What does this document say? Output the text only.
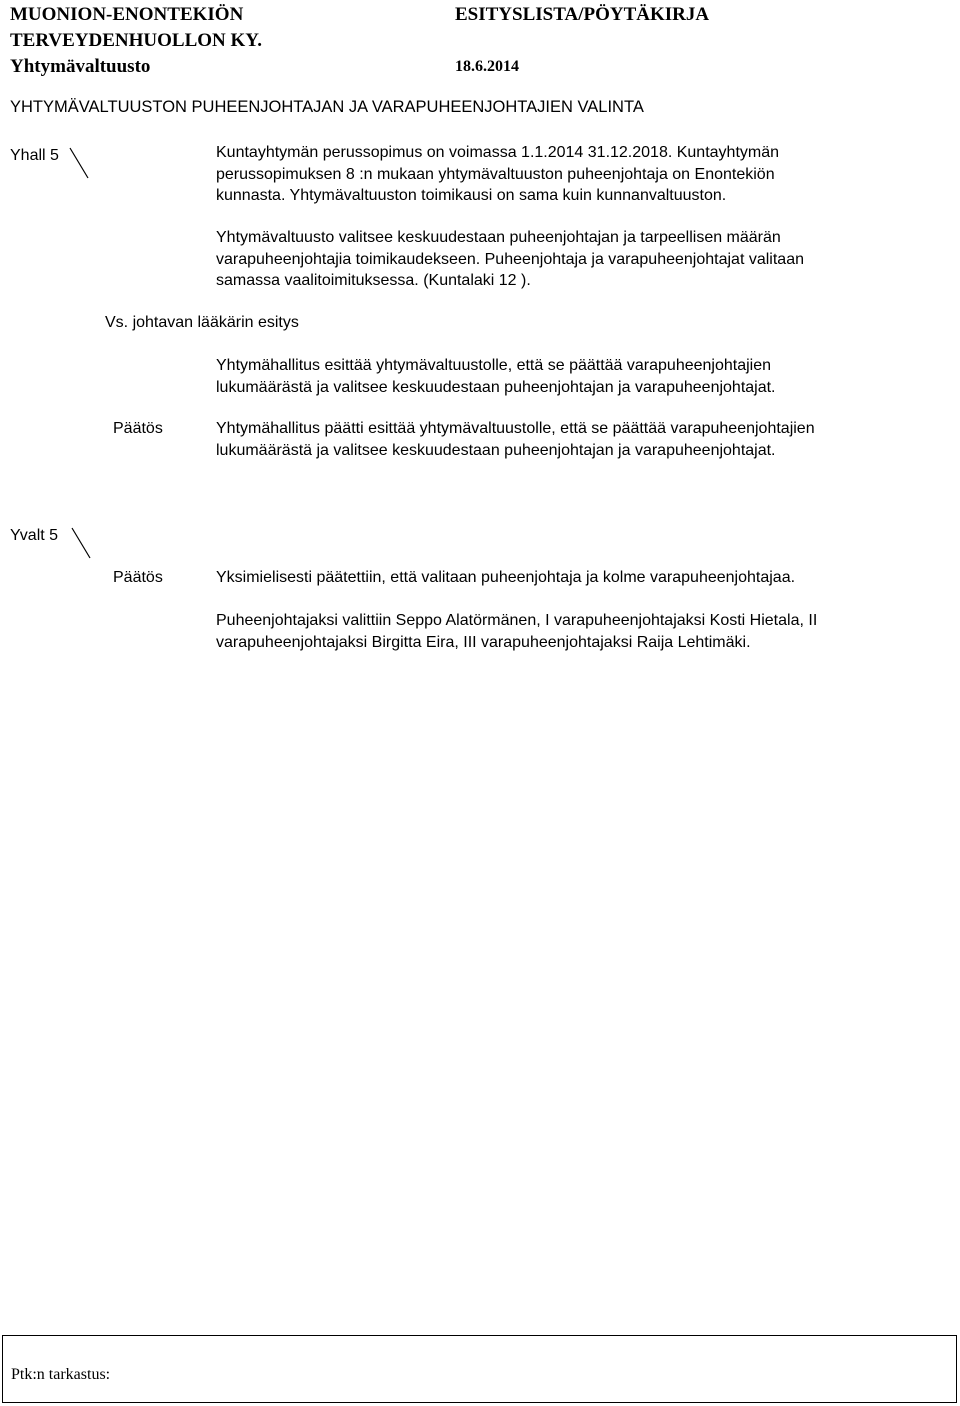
MUONION-ENONTEKIÖN
TERVEYDENHUOLLON KY.
Yhtymävaltuusto
ESITYSLISTA/PÖYTÄKIRJA
18.6.2014
YHTYMÄVALTUUSTON PUHEENJOHTAJAN JA VARAPUHEENJOHTAJIEN VALINTA
Yhall 5	Kuntayhtymän perussopimus on voimassa 1.1.2014 31.12.2018. Kuntayhtymän
perussopimuksen 8 :n mukaan yhtymävaltuuston puheenjohtaja on Enontekiön
kunnasta. Yhtymävaltuuston toimikausi on sama kuin kunnanvaltuuston.
Yhtymävaltuusto valitsee keskuudestaan puheenjohtajan ja tarpeellisen määrän
varapuheenjohtajia toimikaudekseen. Puheenjohtaja ja varapuheenjohtajat valitaan
samassa vaalitoimituksessa. (Kuntalaki 12 ).
Vs. johtavan lääkärin esitys
Yhtymähallitus esittää yhtymävaltuustolle, että se päättää varapuheenjohtajien
lukumäärästä ja valitsee keskuudestaan puheenjohtajan ja varapuheenjohtajat.
Päätös	Yhtymähallitus päätti esittää yhtymävaltuustolle, että se päättää varapuheenjohtajien
lukumäärästä ja valitsee keskuudestaan puheenjohtajan ja varapuheenjohtajat.
Yvalt 5
Päätös	Yksimielisesti päätettiin, että valitaan puheenjohtaja ja kolme varapuheenjohtajaa.
Puheenjohtajaksi valittiin Seppo Alatörmänen, I varapuheenjohtajaksi Kosti Hietala, II
varapuheenjohtajaksi Birgitta Eira, III varapuheenjohtajaksi Raija Lehtimäki.
Ptk:n tarkastus:
